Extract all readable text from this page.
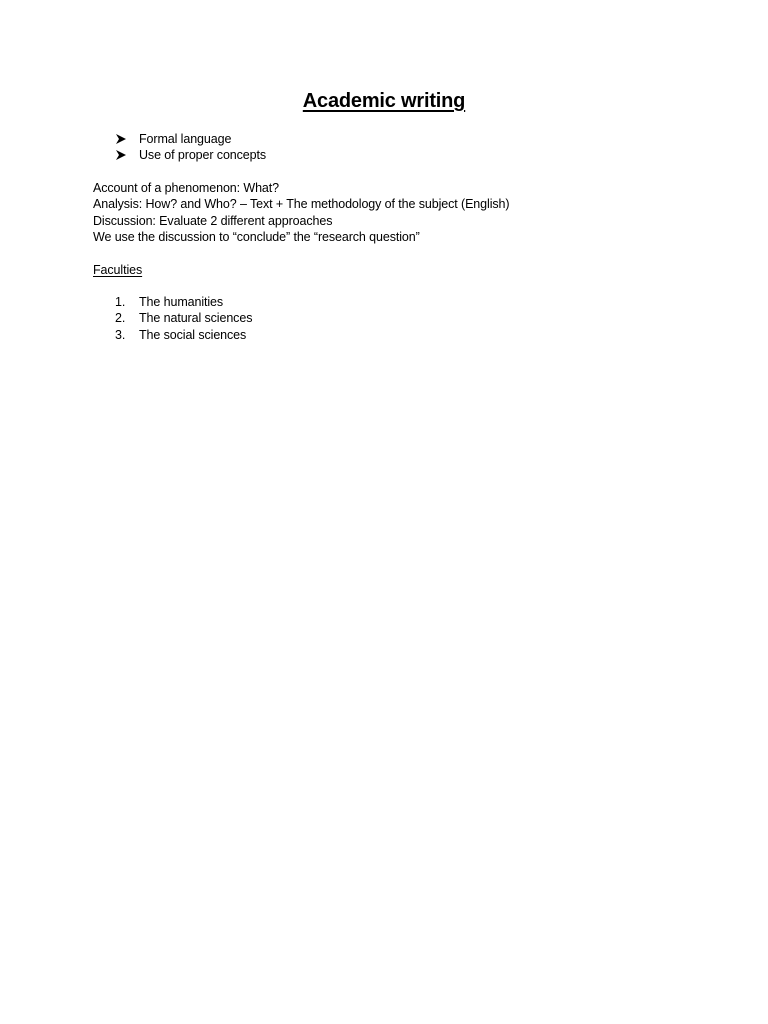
Academic writing
Formal language
Use of proper concepts
Account of a phenomenon: What?
Analysis: How? and Who? – Text + The methodology of the subject (English)
Discussion: Evaluate 2 different approaches
We use the discussion to “conclude” the “research question”
Faculties
1. The humanities
2. The natural sciences
3. The social sciences
